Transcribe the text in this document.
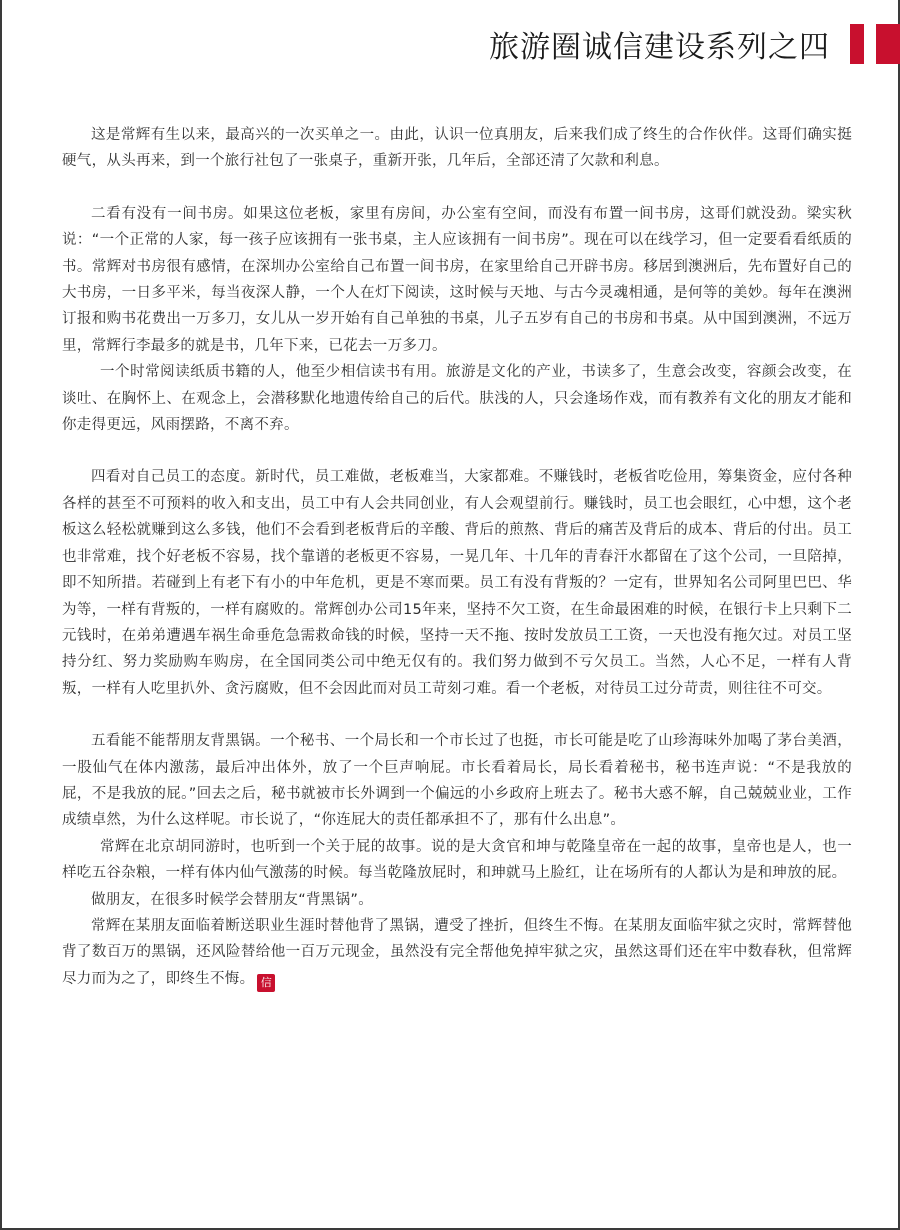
旅游圈诚信建设系列之四

这是常辉有生以来，最高兴的一次买单之一。由此，认识一位真朋友，后来我们成了终生的合作伙伴。这哥们确实挺硬气，从头再来，到一个旅行社包了一张桌子，重新开张，几年后，全部还清了欠款和利息。

二看有没有一间书房。如果这位老板，家里有房间，办公室有空间，而没有布置一间书房，这哥们就没劲。梁实秋说：“一个正常的人家，每一孩子应该拥有一张书桌，主人应该拥有一间书房”。现在可以在线学习，但一定要看看纸质的书。常辉对书房很有感情，在深圳办公室给自己布置一间书房，在家里给自己开辟书房。移居到澳洲后，先布置好自己的大书房，一日多平米，每当夜深人静，一个人在灯下阅读，这时候与天地、与古今灵魂相通，是何等的美妙。每年在澳洲订报和购书花费出一万多刀，女儿从一岁开始有自己单独的书桌，儿子五岁有自己的书房和书桌。从中国到澳洲，不远万里，常辉行李最多的就是书，几年下来，已花去一万多刀。

一个时常阅读纸质书籍的人，他至少相信读书有用。旅游是文化的产业，书读多了，生意会改变，容颜会改变，在谈吐、在胸怀上、在观念上，会潜移默化地遗传给自己的后代。肤浅的人，只会逢场作戏，而有教养有文化的朋友才能和你走得更远，风雨摆路，不离不弃。

四看对自己员工的态度。新时代，员工难做，老板难当，大家都难。不赚钱时，老板省吃俭用，筹集资金，应付各种各样的甚至不可预料的收入和支出，员工中有人会共同创业，有人会观望前行。赚钱时，员工也会眼红，心中想，这个老板这么轻松就赚到这么多钱，他们不会看到老板背后的辛酸、背后的煎熬、背后的痛苦及背后的成本、背后的付出。员工也非常难，找个好老板不容易，找个靠谱的老板更不容易，一晃几年、十几年的青春汗水都留在了这个公司，一旦陪掉，即不知所措。若碰到上有老下有小的中年危机，更是不寒而栗。员工有没有背叛的？一定有，世界知名公司阿里巴巴、华为等，一样有背叛的，一样有腐败的。常辉创办公司15年来，坚持不欠工资，在生命最困难的时候，在银行卡上只剩下二元钱时，在弟弟遭遇车祸生命垂危急需救命钱的时候，坚持一天不拖、按时发放员工工资，一天也没有拖欠过。对员工坚持分红、努力奖励购车购房，在全国同类公司中绝无仅有的。我们努力做到不亏欠员工。当然，人心不足，一样有人背叛，一样有人吃里扒外、贪污腐败，但不会因此而对员工苛刻刁难。看一个老板，对待员工过分苛责，则往往不可交。

五看能不能帮朋友背黑锅。一个秘书、一个局长和一个市长过了也挺，市长可能是吃了山珍海味外加喝了茅台美酒，一股仙气在体内激荡，最后冲出体外，放了一个巨声响屁。市长看着局长，局长看着秘书，秘书连声说：“不是我放的屁，不是我放的屁。”回去之后，秘书就被市长外调到一个偏远的小乡政府上班去了。秘书大惑不解，自己兢兢业业，工作成绩卓然，为什么这样呢。市长说了，“你连屁大的责任都承担不了，那有什么出息”。

常辉在北京胡同游时，也听到一个关于屁的故事。说的是大贪官和坤与乾隆皇帝在一起的故事，皇帝也是人，也一样吃五谷杂粮，一样有体内仙气激荡的时候。每当乾隆放屁时，和珅就马上脸红，让在场所有的人都认为是和珅放的屁。

做朋友，在很多时候学会替朋友“背黑锅”。

常辉在某朋友面临着断送职业生涯时替他背了黑锅，遭受了挫折，但终生不悔。在某朋友面临牢狱之灾时，常辉替他背了数百万的黑锅，还风险替给他一百万元现金，虽然没有完全帮他免掉牢狱之灾，虽然这哥们还在牢中数春秋，但常辉尽力而为之了，即终生不悔。 信
